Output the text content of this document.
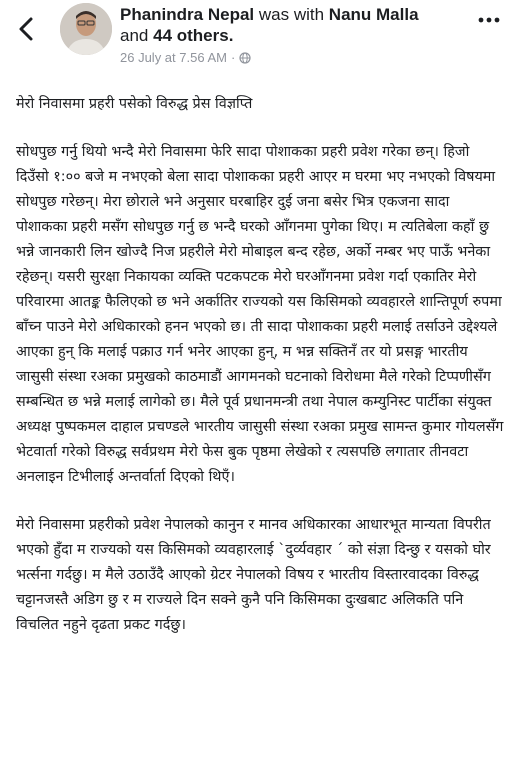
Phanindra Nepal was with Nanu Malla
and 44 others.
26 July at 7.56 AM ·

मेरो निवासमा प्रहरी पसेको विरुद्ध प्रेस विज्ञप्ति

सोधपुछ गर्नु थियो भन्दै मेरो निवासमा फेरि सादा पोशाकका प्रहरी प्रवेश गरेका छन्। हिजो दिउँसो १:०० बजे म नभएको बेला सादा पोशाकका प्रहरी आएर म घरमा भए नभएको विषयमा सोधपुछ गरेछन्। मेरा छोराले भने अनुसार घरबाहिर दुई जना बसेर भित्र एकजना सादा पोशाकका प्रहरी मसँग सोधपुछ गर्नु छ भन्दै घरको आँगनमा पुगेका थिए। म त्यतिबेला कहाँ छु भन्ने जानकारी लिन खोज्दै निज प्रहरीले मेरो मोबाइल बन्द रहेछ, अर्को नम्बर भए पाऊँ भनेका रहेछन्। यसरी सुरक्षा निकायका व्यक्ति पटकपटक मेरो घरआँगनमा प्रवेश गर्दा एकातिर मेरो परिवारमा आतङ्क फैलिएको छ भने अर्कातिर राज्यको यस किसिमको व्यवहारले शान्तिपूर्ण रुपमा बाँच्न पाउने मेरो अधिकारको हनन भएको छ। ती सादा पोशाकका प्रहरी मलाई तर्साउने उद्देश्यले आएका हुन् कि मलाई पक्राउ गर्न भनेर आएका हुन्, म भन्न सक्तिनँ तर यो प्रसङ्ग भारतीय जासुसी संस्था रअका प्रमुखको काठमाडौं आगमनको घटनाको विरोधमा मैले गरेको टिप्पणीसँग सम्बन्धित छ भन्ने मलाई लागेको छ। मैले पूर्व प्रधानमन्त्री तथा नेपाल कम्युनिस्ट पार्टीका संयुक्त अध्यक्ष पुष्पकमल दाहाल प्रचण्डले भारतीय जासुसी संस्था रअका प्रमुख सामन्त कुमार गोयलसँग भेटवार्ता गरेको विरुद्ध सर्वप्रथम मेरो फेस बुक पृष्ठमा लेखेको र त्यसपछि लगातार तीनवटा अनलाइन टिभीलाई अन्तर्वार्ता दिएको थिएँ।

मेरो निवासमा प्रहरीको प्रवेश नेपालको कानुन र मानव अधिकारका आधारभूत मान्यता विपरीत भएको हुँदा म राज्यको यस किसिमको व्यवहारलाई `दुर्व्यवहार ´ को संज्ञा दिन्छु र यसको घोर भर्त्सना गर्दछु। म मैले उठाउँदै आएको ग्रेटर नेपालको विषय र भारतीय विस्तारवादका विरुद्ध चट्टानजस्तै अडिग छु र म राज्यले दिन सक्ने कुनै पनि किसिमका दुःखबाट अलिकति पनि विचलित नहुने दृढता प्रकट गर्दछु।
